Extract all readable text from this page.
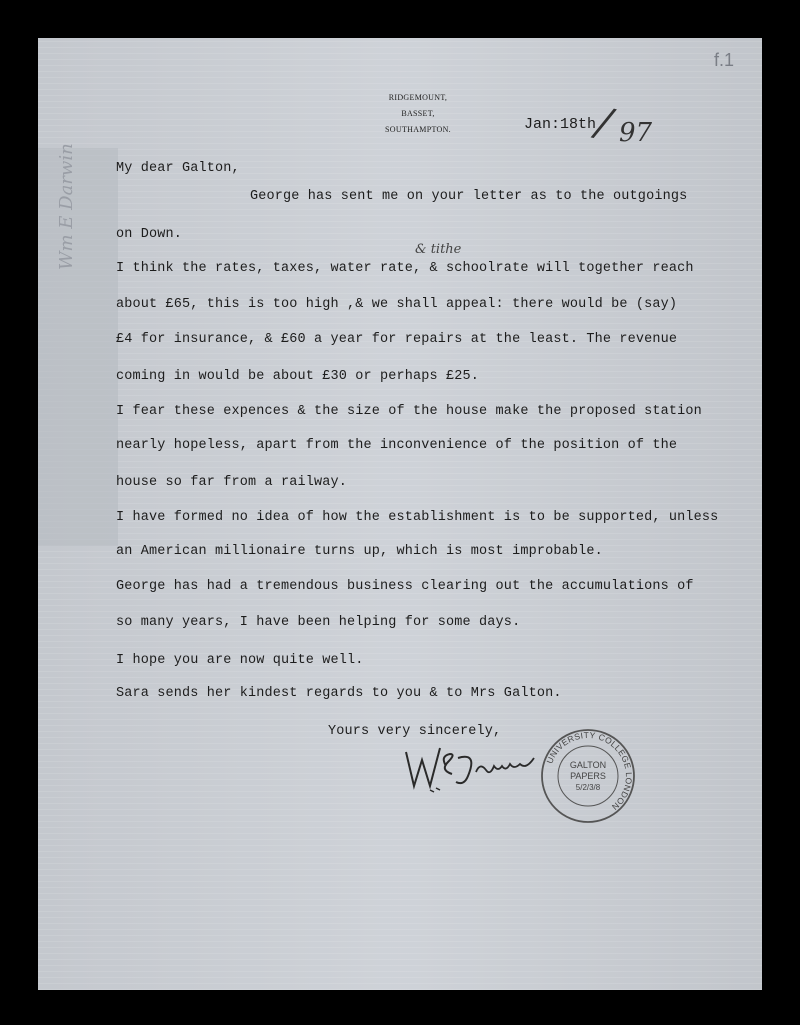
f.1
Wm E Darwin
RIDGEMOUNT,
BASSET,
SOUTHAMPTON.	Jan:18th
/ 97
My dear Galton,
& tithe
George has sent me on your letter as to the outgoings
on Down.
I think the rates, taxes, water rate, & schoolrate will together reach
about £65, this is too high ,& we shall appeal: there would be (say)
£4 for insurance, & £60 a year for repairs at the least. The revenue
coming in would be about £30 or perhaps £25.
I fear these expences & the size of the house make the proposed station
nearly hopeless, apart from the inconvenience of the position of the
house so far from a railway.
I have formed no idea of how the establishment is to be supported, unless
an American millionaire turns up, which is most improbable.
George has had a tremendous business clearing out the accumulations of
so many years, I have been helping for some days.
I hope you are now quite well.
Sara sends her kindest regards to you & to Mrs Galton.
Yours very sincerely,
UNIVERSITY COLLEGE LONDON
GALTON
PAPERS
5/2/3/8
